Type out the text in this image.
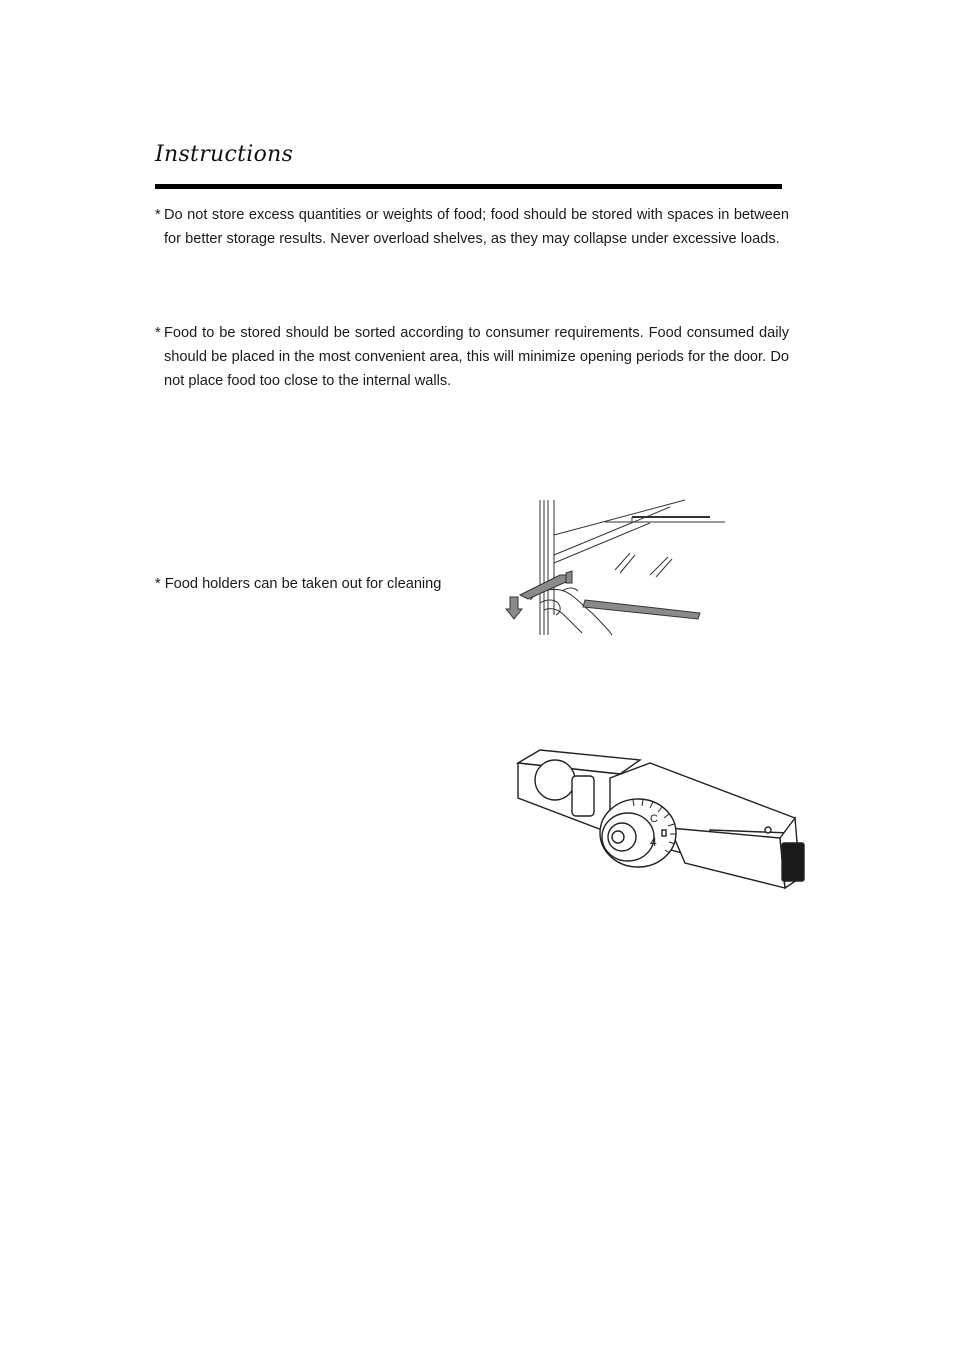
Instructions
* Do not store excess quantities or weights of food; food should be stored with spaces in between for better storage results. Never overload shelves, as they may collapse under excessive loads.
* Food to be stored should be sorted according to consumer requirements. Food consumed daily should be placed in the most convenient area, this will minimize opening periods for the door. Do not place food too close to the internal walls.
* Food holders can be taken out for cleaning
C
4
